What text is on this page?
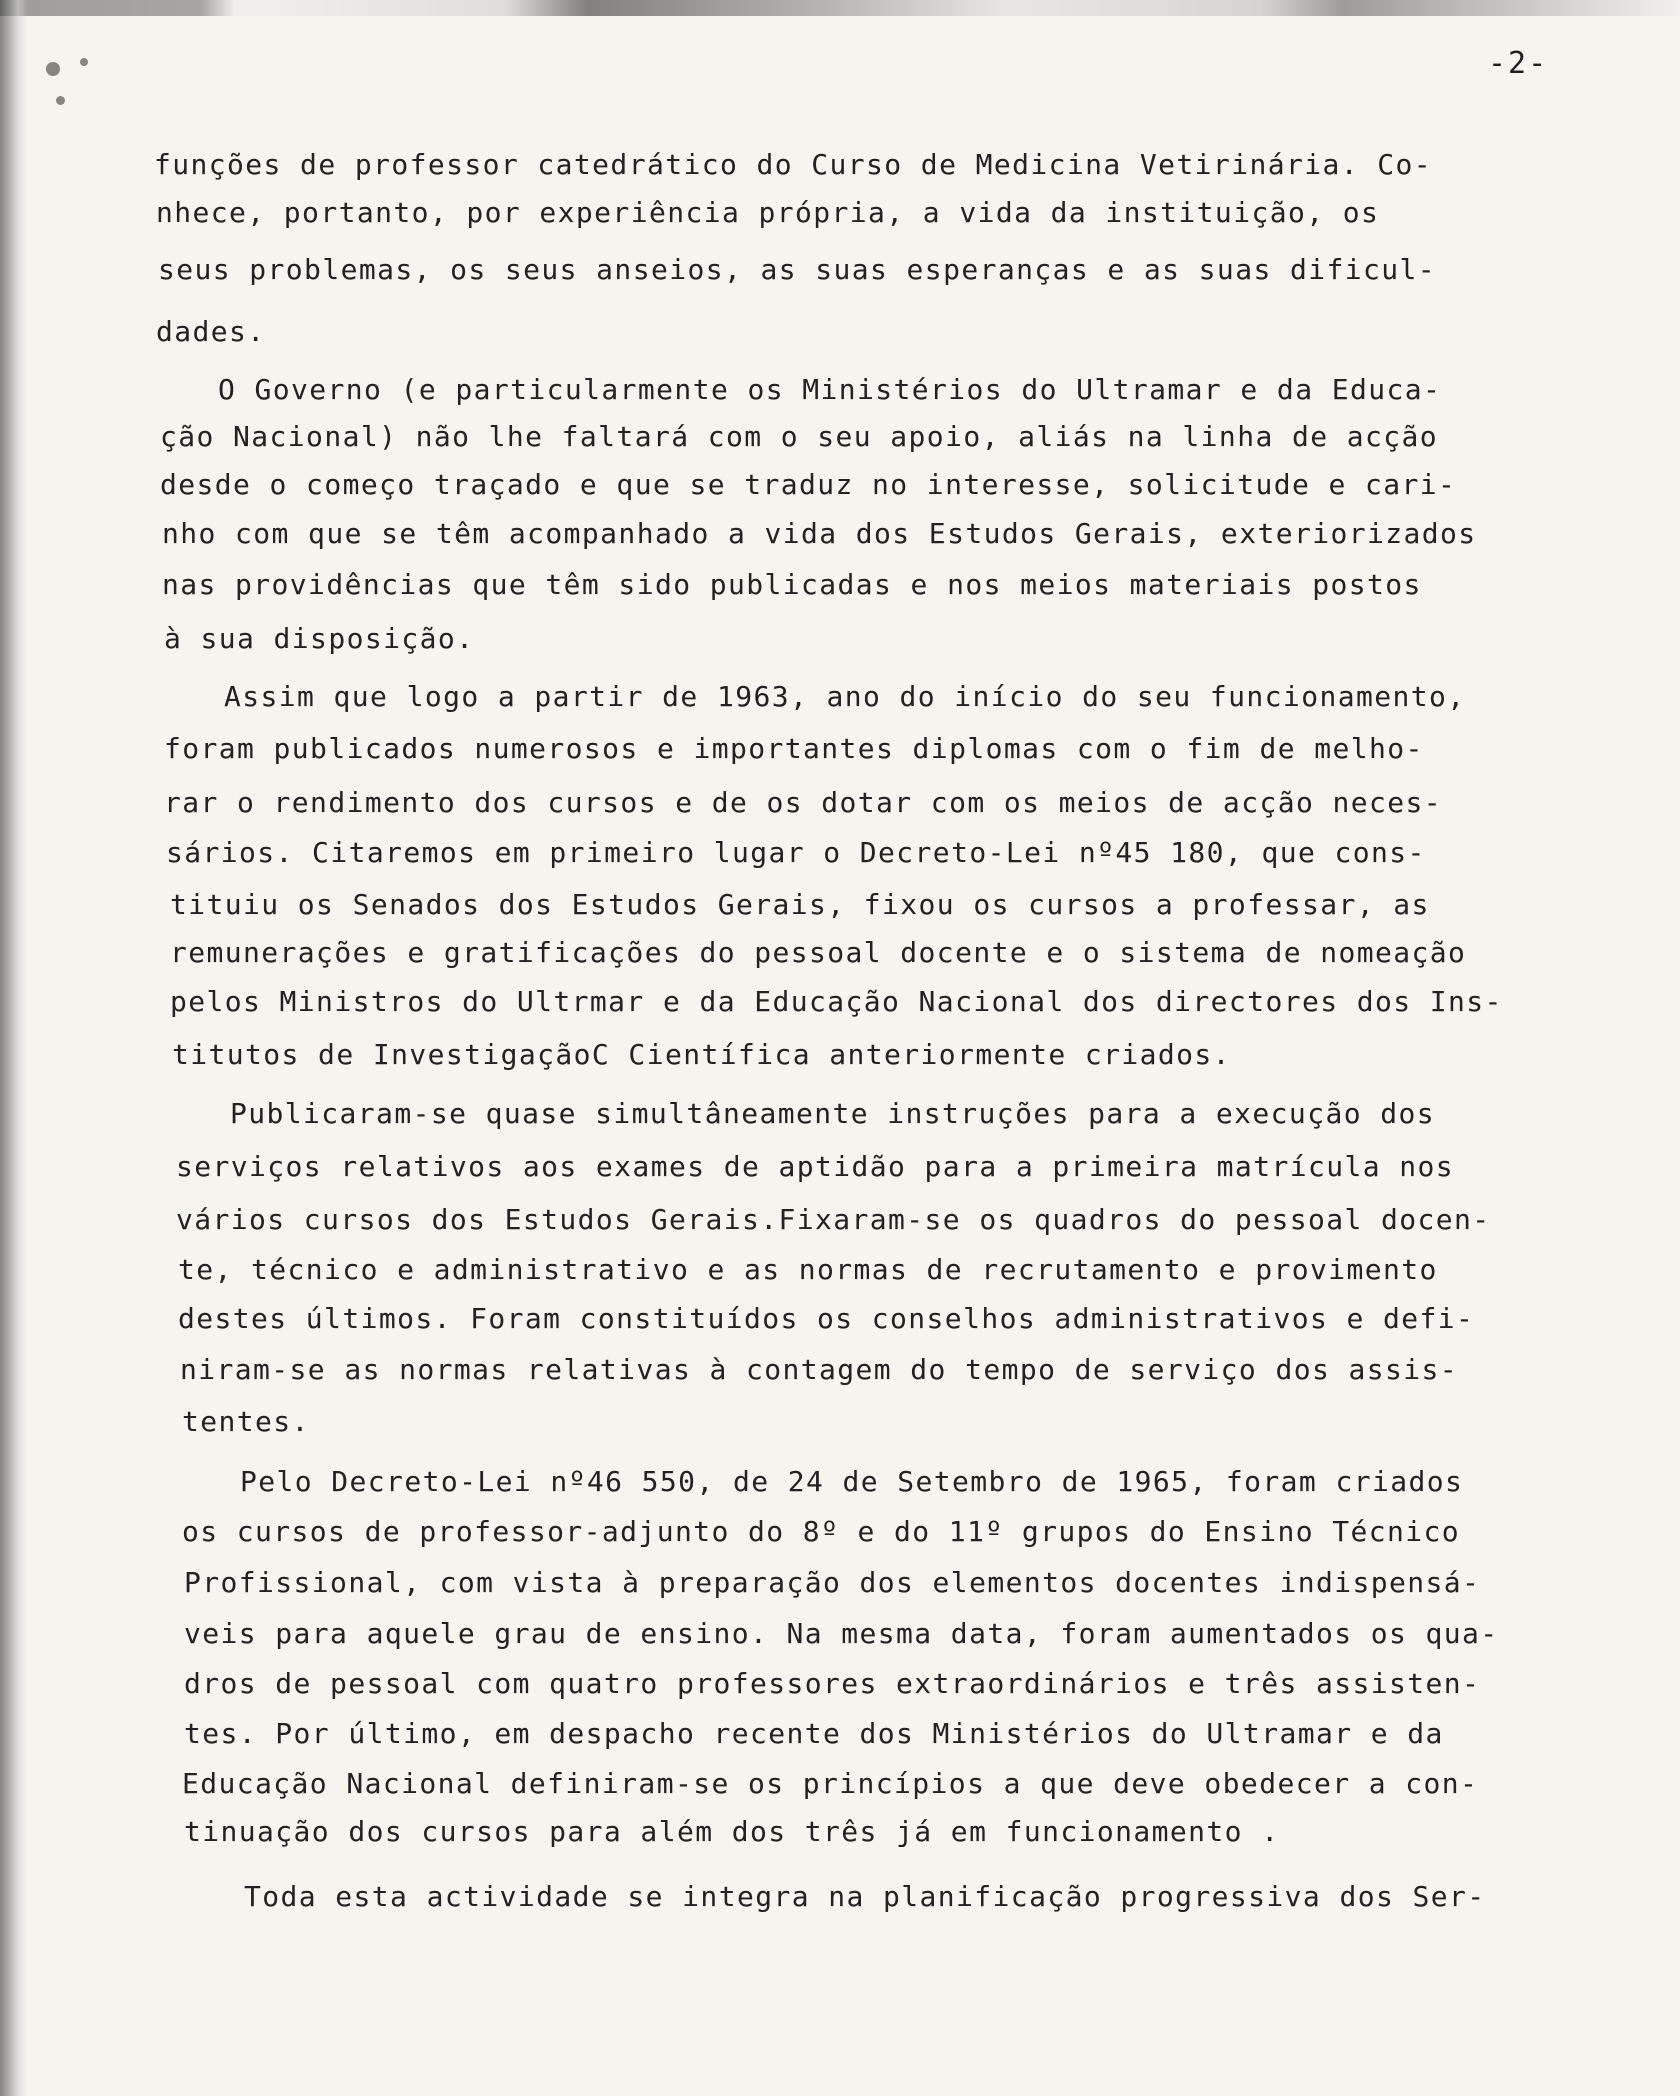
-2-
funções de professor catedrático do Curso de Medicina Vetirinária. Co-
nhece, portanto, por experiência própria, a vida da instituição, os
seus problemas, os seus anseios, as suas esperanças e as suas dificul-
dades.
O Governo (e particularmente os Ministérios do Ultramar e da Educa-
ção Nacional) não lhe faltará com o seu apoio, aliás na linha de acção
desde o começo traçado e que se traduz no interesse, solicitude e cari-
nho com que se têm acompanhado a vida dos Estudos Gerais, exteriorizados
nas providências que têm sido publicadas e nos meios materiais postos
à sua disposição.
Assim que logo a partir de 1963, ano do início do seu funcionamento,
foram publicados numerosos e importantes diplomas com o fim de melho-
rar o rendimento dos cursos e de os dotar com os meios de acção neces-
sários. Citaremos em primeiro lugar o Decreto-Lei nº45 180, que cons-
tituiu os Senados dos Estudos Gerais, fixou os cursos a professar, as
remunerações e gratificações do pessoal docente e o sistema de nomeação
pelos Ministros do Ultrmar e da Educação Nacional dos directores dos Ins-
titutos de InvestigaçãoC Científica anteriormente criados.
Publicaram-se quase simultâneamente instruções para a execução dos
serviços relativos aos exames de aptidão para a primeira matrícula nos
vários cursos dos Estudos Gerais.Fixaram-se os quadros do pessoal docen-
te, técnico e administrativo e as normas de recrutamento e provimento
destes últimos. Foram constituídos os conselhos administrativos e defi-
niram-se as normas relativas à contagem do tempo de serviço dos assis-
tentes.
Pelo Decreto-Lei nº46 550, de 24 de Setembro de 1965, foram criados
os cursos de professor-adjunto do 8º e do 11º grupos do Ensino Técnico
Profissional, com vista à preparação dos elementos docentes indispensá-
veis para aquele grau de ensino. Na mesma data, foram aumentados os qua-
dros de pessoal com quatro professores extraordinários e três assisten-
tes. Por último, em despacho recente dos Ministérios do Ultramar e da
Educação Nacional definiram-se os princípios a que deve obedecer a con-
tinuação dos cursos para além dos três já em funcionamento .
Toda esta actividade se integra na planificação progressiva dos Ser-
